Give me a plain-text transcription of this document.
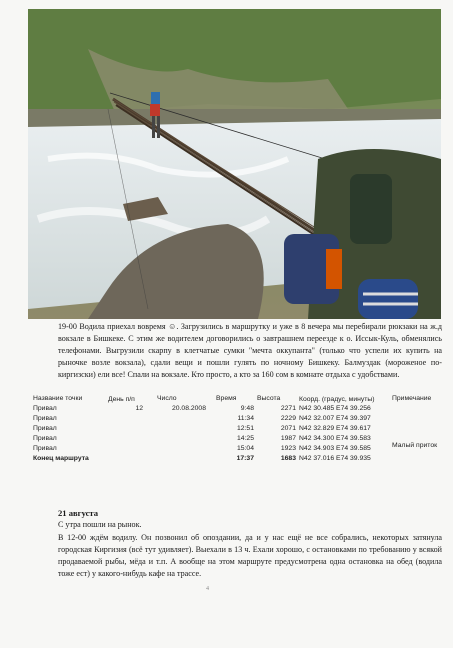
19-00 Водила приехал вовремя ☺. Загрузились в маршрутку и уже в 8 вечера мы перебирали рюкзаки на ж.д вокзале в Бишкеке. С этим же водителем договорились о завтрашнем переезде к о. Иссык-Куль, обменялись телефонами. Выгрузили скарпу в клетчатые сумки "мечта оккупанта" (только что успели их купить на рыночке возле вокзала), сдали вещи и пошли гулять по ночному Бишкеку. Балмуздак (мороженое по-киргизски) ели все! Спали на вокзале. Кто просто, а кто за 160 сом в комнате отдыха с удобствами.

Название точки	День п/п	Число	Время	Высота	Коорд. (градус, минуты)	Примечание
Привал	12	20.08.2008	9:48	2271	N42 30.485 E74 39.256	
Привал			11:34	2229	N42 32.007 E74 39.397	
Привал			12:51	2071	N42 32.829 E74 39.617	
Привал			14:25	1987	N42 34.300 E74 39.583	
Привал			15:04	1923	N42 34.903 E74 39.585	Малый приток
Конец маршрута			17:37	1683	N42 37.016 E74 39.935	

21 августа

С утра пошли на рынок.

В 12-00 ждём водилу. Он позвонил об опоздании, да и у нас ещё не все собрались, некоторых затянула городская Киргизия (всё тут удивляет). Выехали в 13 ч. Ехали хорошо, с остановками по требованию у всякой продаваемой рыбы, мёда и т.п. А вообще на этом маршруте предусмотрена одна остановка на обед (водила тоже ест) у какого-нибудь кафе на трассе.

4
